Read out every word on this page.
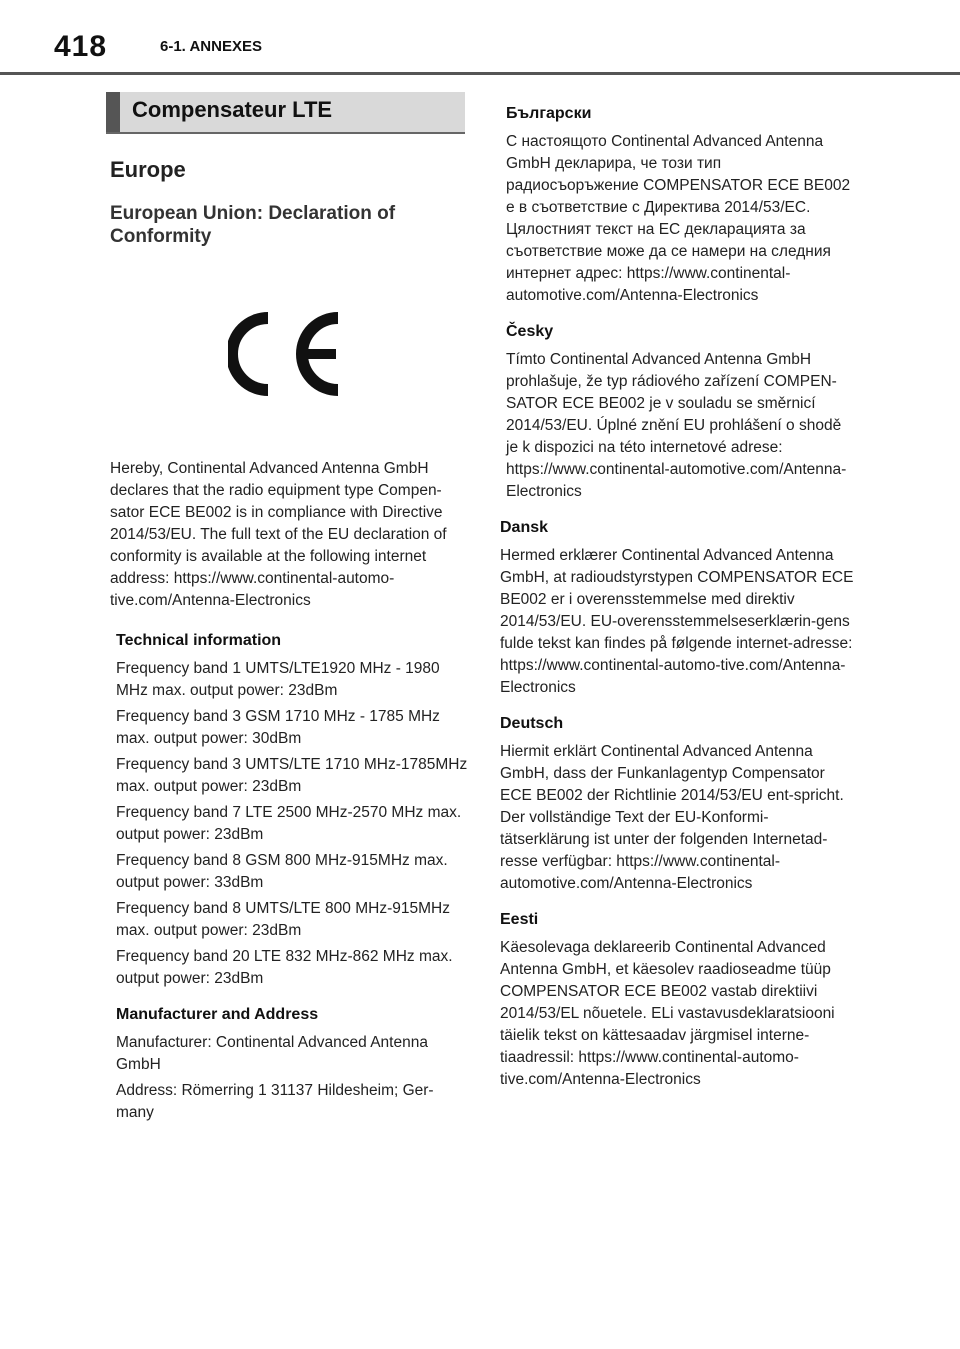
418	6-1. ANNEXES
Compensateur LTE
Europe
European Union: Declaration of Conformity

Hereby, Continental Advanced Antenna GmbH declares that the radio equipment type Compen-sator ECE BE002 is in compliance with Directive 2014/53/EU. The full text of the EU declaration of conformity is available at the following internet address: https://www.continental-automo-tive.com/Antenna-Electronics

Technical information

Frequency band 1 UMTS/LTE1920 MHz - 1980 MHz max. output power: 23dBm

Frequency band 3 GSM 1710 MHz - 1785 MHz max. output power: 30dBm

Frequency band 3 UMTS/LTE 1710 MHz-1785MHz max. output power: 23dBm

Frequency band 7 LTE 2500 MHz-2570 MHz max. output power: 23dBm

Frequency band 8 GSM 800 MHz-915MHz max. output power: 33dBm

Frequency band 8 UMTS/LTE 800 MHz-915MHz max. output power: 23dBm

Frequency band 20 LTE 832 MHz-862 MHz max. output power: 23dBm

Manufacturer and Address

Manufacturer: Continental Advanced Antenna GmbH

Address: Römerring 1 31137 Hildesheim; Ger-many

Български

С настоящото Continental Advanced Antenna GmbH декларира, че този тип радиосъоръжение COMPENSATOR ECE BE002 е в съответствие с Директива 2014/53/ЕС. Цялостният текст на ЕС декларацията за съответствие може да се намери на следния интернет адрес: https://www.continental-automotive.com/Antenna-Electronics

Česky

Tímto Continental Advanced Antenna GmbH prohlašuje, že typ rádiového zařízení COMPEN-SATOR ECE BE002 je v souladu se směrnicí 2014/53/EU. Úplné znění EU prohlášení o shodě je k dispozici na této internetové adrese: https://www.continental-automotive.com/Antenna-Electronics

Dansk

Hermed erklærer Continental Advanced Antenna GmbH, at radioudstyrstypen COMPENSATOR ECE BE002 er i overensstemmelse med direktiv 2014/53/EU. EU-overensstemmelseserklærin-gens fulde tekst kan findes på følgende internet-adresse: https://www.continental-automo-tive.com/Antenna-Electronics

Deutsch

Hiermit erklärt Continental Advanced Antenna GmbH, dass der Funkanlagentyp Compensator ECE BE002 der Richtlinie 2014/53/EU ent-spricht. Der vollständige Text der EU-Konformi-tätserklärung ist unter der folgenden Internetad-resse verfügbar: https://www.continental-automotive.com/Antenna-Electronics

Eesti

Käesolevaga deklareerib Continental Advanced Antenna GmbH, et käesolev raadioseadme tüüp COMPENSATOR ECE BE002 vastab direktiivi 2014/53/EL nõuetele. ELi vastavusdeklaratsiooni täielik tekst on kättesaadav järgmisel interne-tiaadressil: https://www.continental-automo-tive.com/Antenna-Electronics
